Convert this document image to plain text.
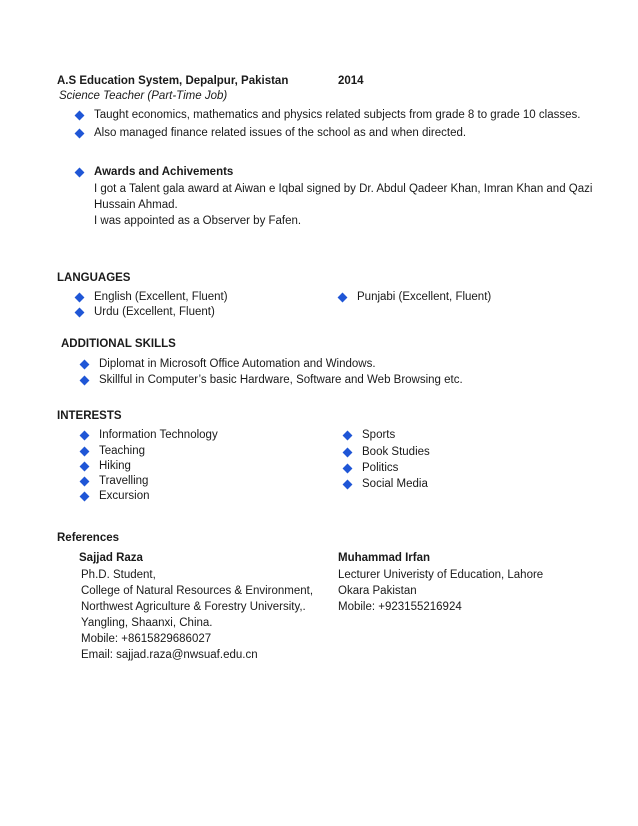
A.S Education System, Depalpur, Pakistan	2014
Science Teacher (Part-Time Job)
Taught economics, mathematics and physics related subjects from grade 8 to grade 10 classes.
Also managed finance related issues of the school as and when directed.
Awards and Achivements
I got a Talent gala award at Aiwan e Iqbal signed by Dr. Abdul Qadeer Khan, Imran Khan and Qazi
Hussain Ahmad.
I was appointed as a Observer by Fafen.
LANGUAGES
English (Excellent, Fluent)
Urdu (Excellent, Fluent)
Punjabi (Excellent, Fluent)
ADDITIONAL SKILLS
Diplomat in Microsoft Office Automation and Windows.
Skillful in Computer’s basic Hardware, Software and Web Browsing etc.
INTERESTS
Information Technology
Teaching
Hiking
Travelling
Excursion
Sports
Book Studies
Politics
Social Media
References
Sajjad Raza
Ph.D. Student,
College of Natural Resources & Environment,
Northwest Agriculture & Forestry University,.
Yangling, Shaanxi, China.
Mobile: +8615829686027
Email: sajjad.raza@nwsuaf.edu.cn
Muhammad Irfan
Lecturer Univeristy of Education, Lahore
Okara Pakistan
Mobile: +923155216924
